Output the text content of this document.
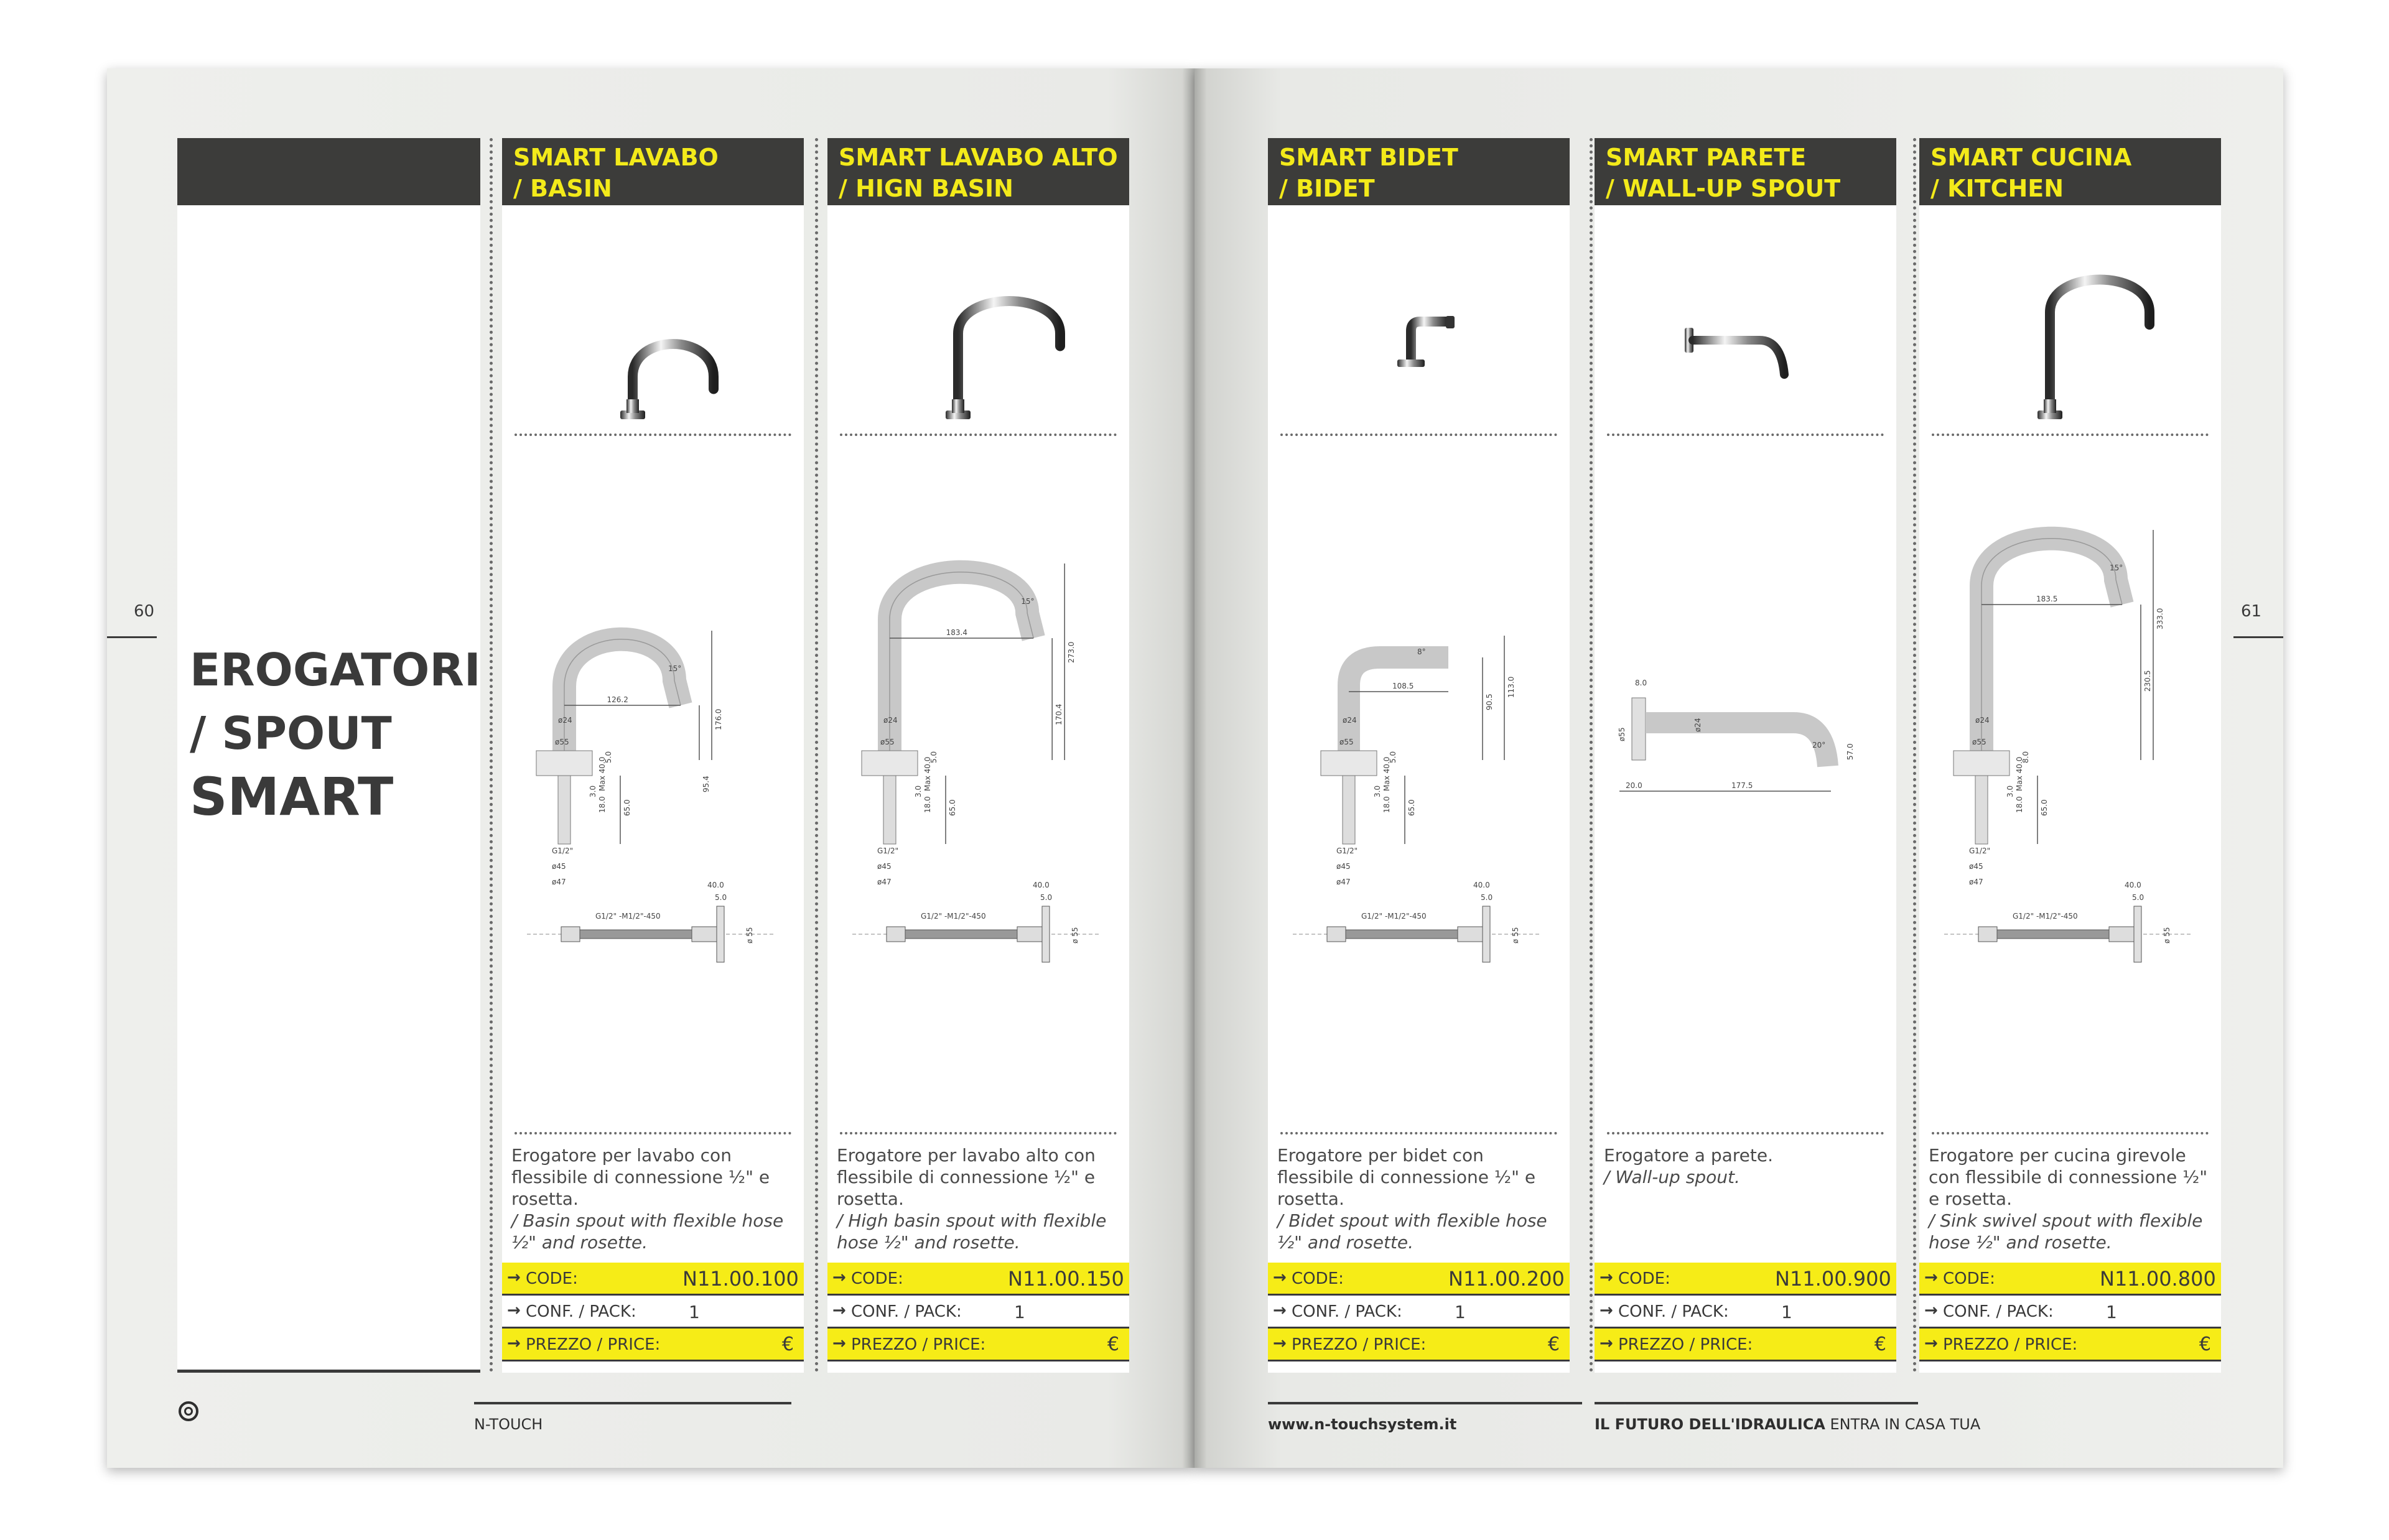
60	61
EROGATORI
/ SPOUT
SMART
SMART LAVABO
/ BASIN
126.2
15°
176.0
95.4
ø24
ø55
5.0
Max 40.0
3.0
18.0 65.0
G1/2"
ø45
ø47	40.0
5.0
G1/2" -M1/2"-450
ø 55
Erogatore per lavabo con flessibile di connessione ½" e rosetta.
/ Basin spout with flexible hose ½" and rosette.
→ CODE:	N11.00.100
→ CONF. / PACK:	1
→ PREZZO / PRICE:	€
SMART LAVABO ALTO
/ HIGN BASIN
183.4
15°
273.0
170.4
ø24
ø55
5.0
Max 40.0
3.0
18.0 65.0
G1/2"
ø45
ø47	40.0
5.0
G1/2" -M1/2"-450
ø 55
Erogatore per lavabo alto con flessibile di connessione ½" e rosetta.
/ High basin spout with flexible hose ½" and rosette.
→ CODE:	N11.00.150
→ CONF. / PACK:	1
→ PREZZO / PRICE:	€
SMART BIDET
/ BIDET
108.5
8°
113.0
90.5
ø24
ø55
5.0
Max 40.0
3.0
18.0 65.0
G1/2"
ø45
ø47	40.0
5.0
G1/2" -M1/2"-450
ø 55
Erogatore per bidet con flessibile di connessione ½" e rosetta.
/ Bidet spout with flexible hose ½" and rosette.
→ CODE:	N11.00.200
→ CONF. / PACK:	1
→ PREZZO / PRICE:	€
SMART PARETE
/ WALL-UP SPOUT
8.0
ø55
ø24
20°	57.0
20.0	177.5
Erogatore a parete.
/ Wall-up spout.
→ CODE:	N11.00.900
→ CONF. / PACK:	1
→ PREZZO / PRICE:	€
SMART CUCINA
/ KITCHEN
183.5
15°
333.0
230.5
ø24
ø55
8.0
Max 40.0
3.0
18.0 65.0
G1/2"
ø45
ø47	40.0
5.0
G1/2" -M1/2"-450
ø 55
Erogatore per cucina girevole con flessibile di connessione ½" e rosetta.
/ Sink swivel spout with flexible hose ½" and rosette.
→ CODE:	N11.00.800
→ CONF. / PACK:	1
→ PREZZO / PRICE:	€
N-TOUCH	www.n-touchsystem.it	IL FUTURO DELL'IDRAULICA ENTRA IN CASA TUA
